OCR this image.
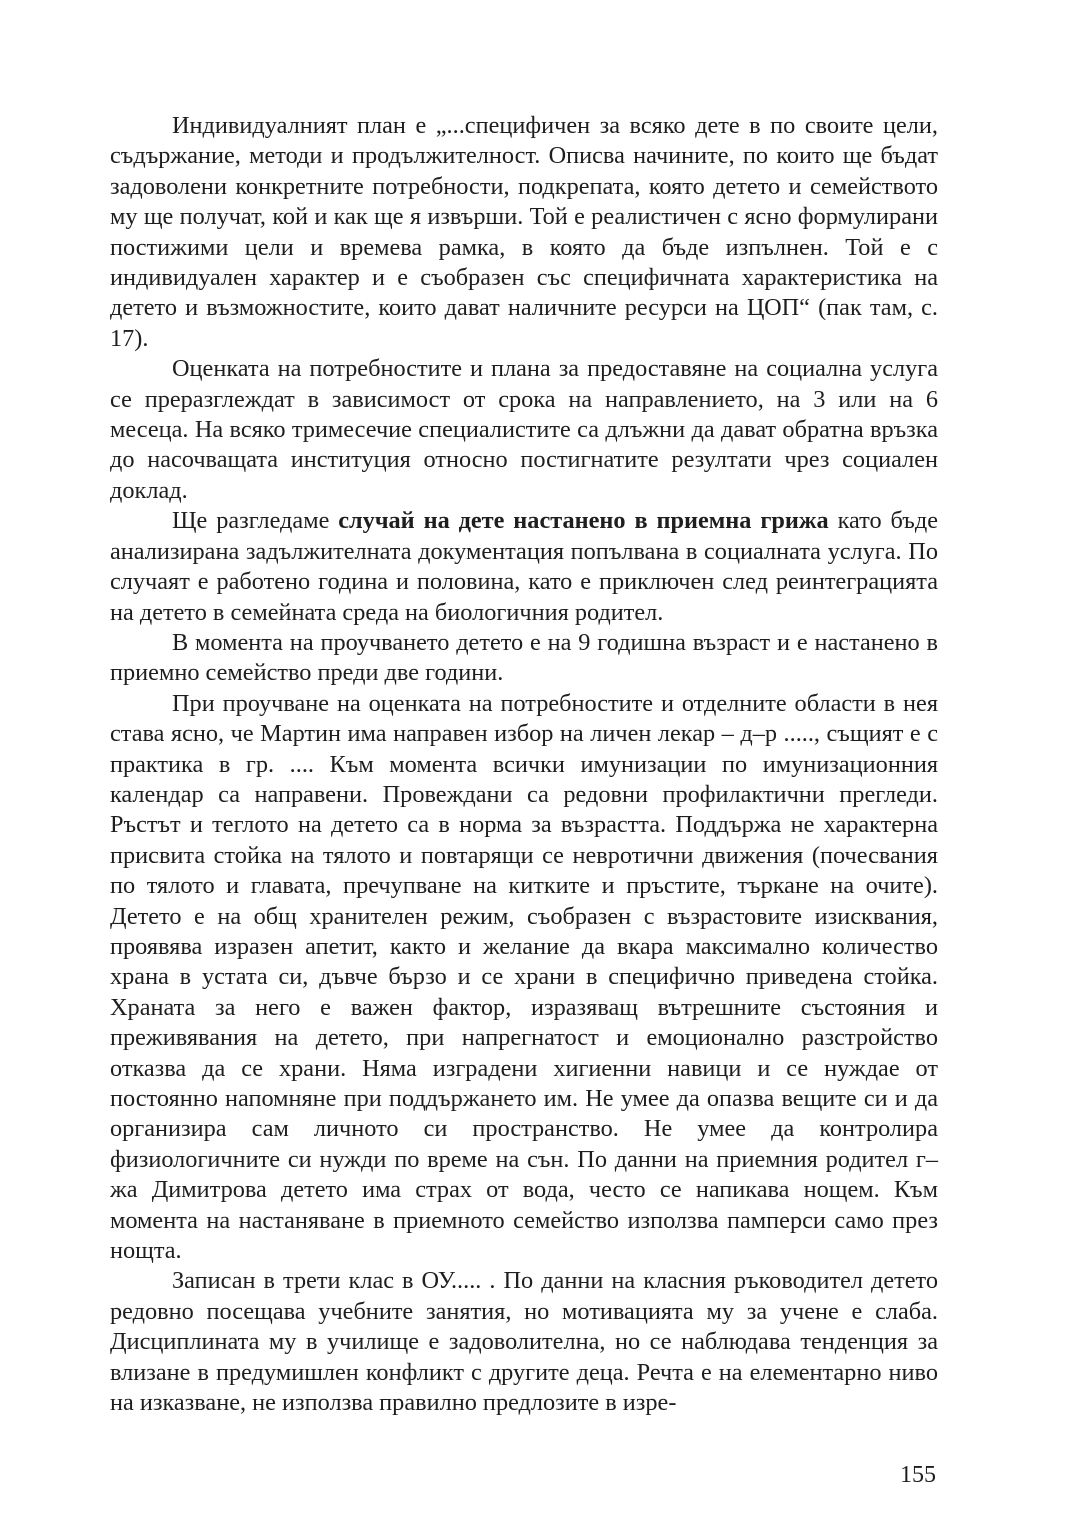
Индивидуалният план е „...специфичен за всяко дете в по своите цели, съдържание, методи и продължителност. Описва начините, по които ще бъдат задоволени конкретните потребности, подкрепата, която детето и семейството му ще получат, кой и как ще я извърши. Той е реалистичен с ясно формулирани постижими цели и времева рамка, в която да бъде изпълнен. Той е с индивидуален характер и е съобразен със специфичната характеристика на детето и възможностите, които дават наличните ресурси на ЦОП“ (пак там, с. 17).

Оценката на потребностите и плана за предоставяне на социална услуга се преразглеждат в зависимост от срока на направлението, на 3 или на 6 месеца. На всяко тримесечие специалистите са длъжни да дават обратна връзка до насочващата институция относно постигнатите резултати чрез социален доклад.

Ще разгледаме случай на дете настанено в приемна грижа като бъде анализирана задължителната документация попълвана в социалната услуга. По случаят е работено година и половина, като е приключен след реинтеграцията на детето в семейната среда на биологичния родител.

В момента на проучването детето е на 9 годишна възраст и е настанено в приемно семейство преди две години.

При проучване на оценката на потребностите и отделните области в нея става ясно, че Мартин има направен избор на личен лекар – д–р ....., същият е с практика в гр. .... Към момента всички имунизации по имунизационния календар са направени. Провеждани са редовни профилактични прегледи. Ръстът и теглото на детето са в норма за възрастта. Поддържа не характерна присвита стойка на тялото и повтарящи се невротични движения (почесвания по тялото и главата, пречупване на китките и пръстите, търкане на очите). Детето е на общ хранителен режим, съобразен с възрастовите изисквания, проявява изразен апетит, както и желание да вкара максимално количество храна в устата си, дъвче бързо и се храни в специфично приведена стойка. Храната за него е важен фактор, изразяващ вътрешните състояния и преживявания на детето, при напрегнатост и емоционално разстройство отказва да се храни. Няма изградени хигиенни навици и се нуждае от постоянно напомняне при поддържането им. Не умее да опазва вещите си и да организира сам личното си пространство. Не умее да контролира физиологичните си нужди по време на сън. По данни на приемния родител г–жа Димитрова детето има страх от вода, често се напикава нощем. Към момента на настаняване в приемното семейство използва памперси само през нощта.

Записан в трети клас в ОУ..... . По данни на класния ръководител детето редовно посещава учебните занятия, но мотивацията му за учене е слаба. Дисциплината му в училище е задоволителна, но се наблюдава тенденция за влизане в предумишлен конфликт с другите деца. Речта е на елементарно ниво на изказване, не използва правилно предлозите в изре-

155
